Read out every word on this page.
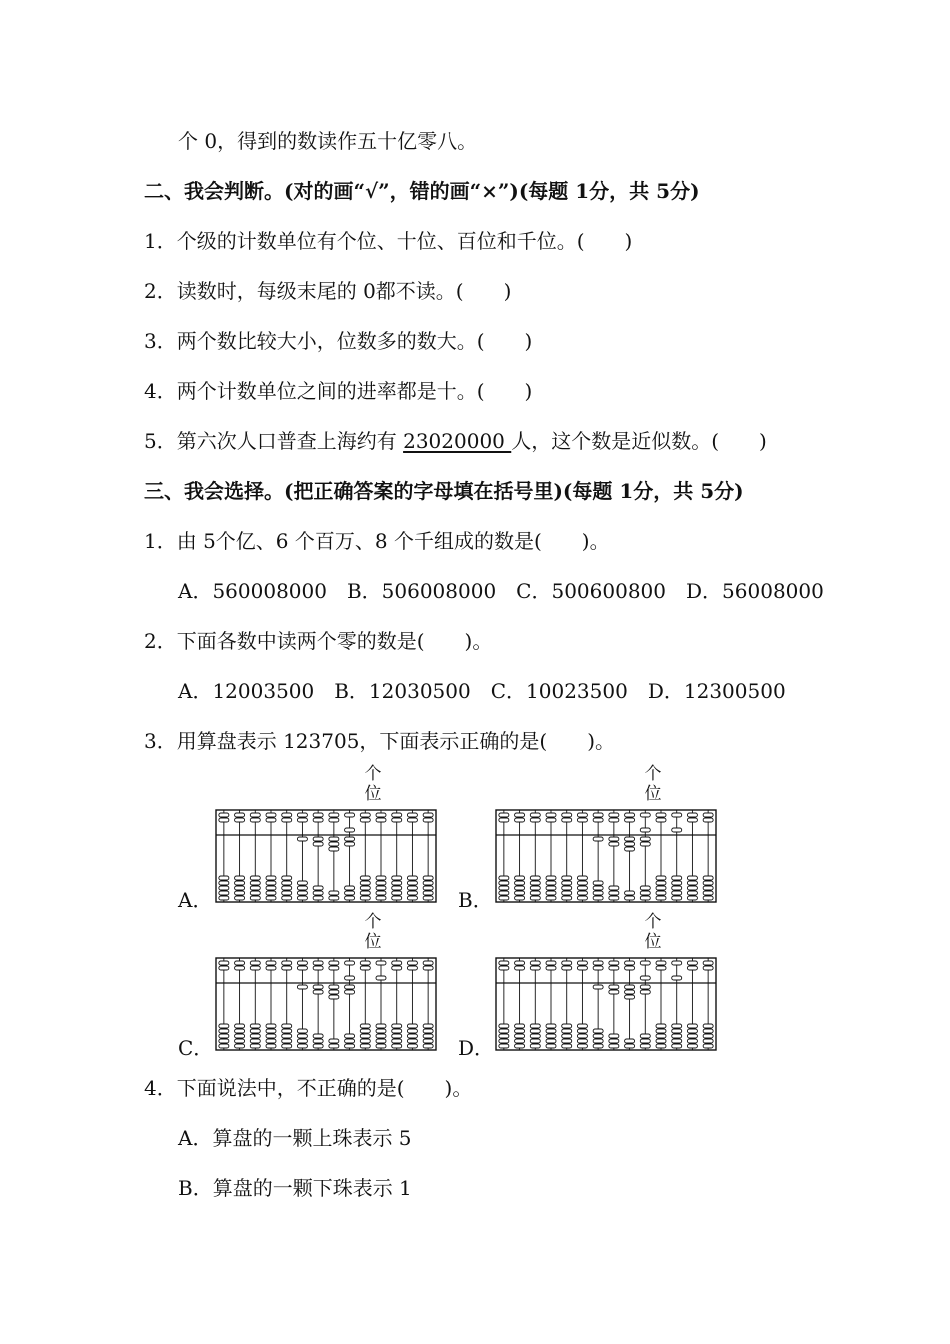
个 0，得到的数读作五十亿零八。
二、我会判断。(对的画“√”，错的画“×”)(每题 1分，共 5分)
1．个级的计数单位有个位、十位、百位和千位。(　　)
2．读数时，每级末尾的 0都不读。(　　)
3．两个数比较大小，位数多的数大。(　　)
4．两个计数单位之间的进率都是十。(　　)
5．第六次人口普查上海约有 23020000 人，这个数是近似数。(　　)
三、我会选择。(把正确答案的字母填在括号里)(每题 1分，共 5分)
1．由 5个亿、6 个百万、8 个千组成的数是(　　)。
A．560008000　B．506008000　C．500600800　D．56008000
2．下面各数中读两个零的数是(　　)。
A．12003500　B．12030500　C．10023500　D．12300500
3．用算盘表示 123705，下面表示正确的是(　　)。
个
位
A．
个
位
B．
个
位
C．
个
位
D．
4．下面说法中，不正确的是(　　)。
A．算盘的一颗上珠表示 5
B．算盘的一颗下珠表示 1
